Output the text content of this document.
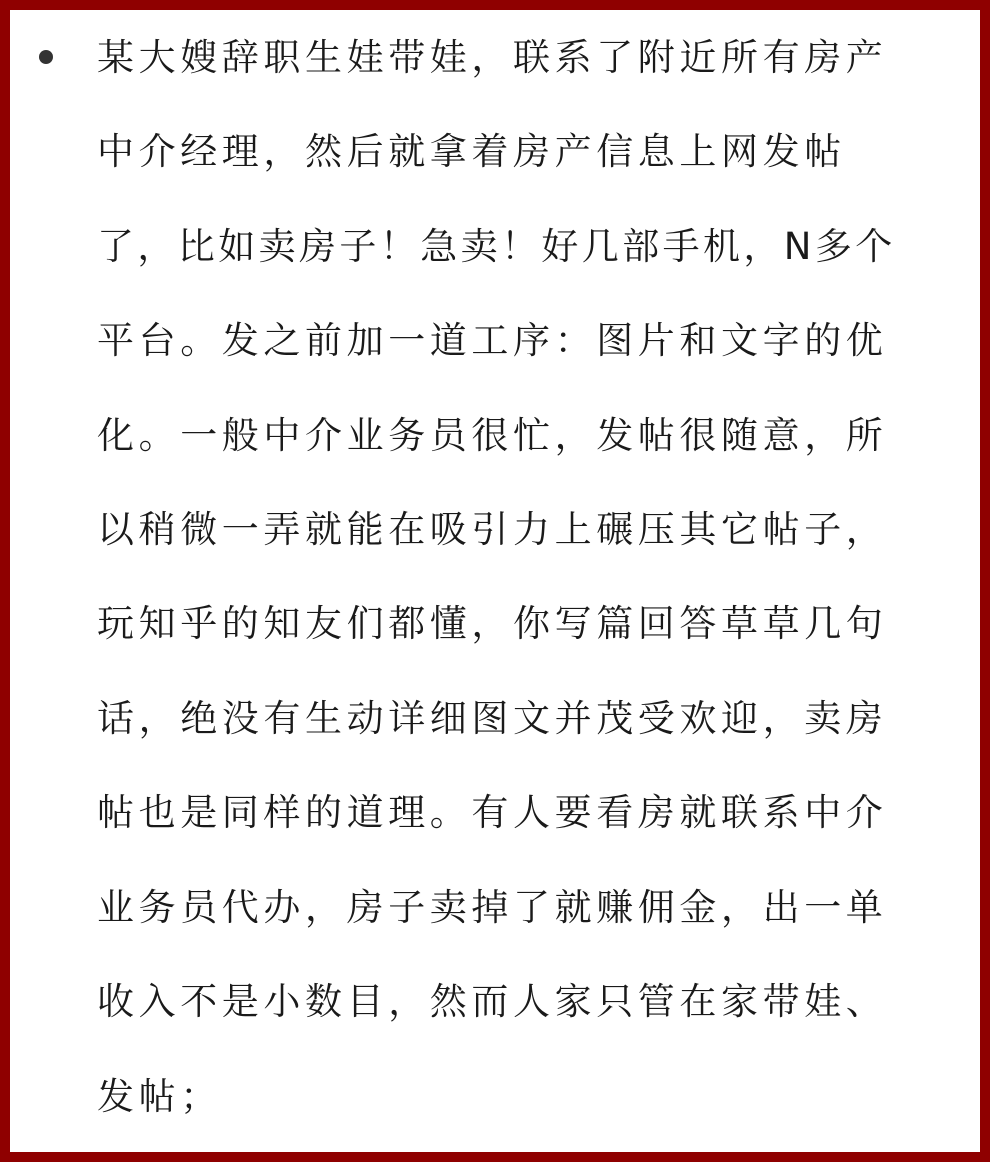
某大嫂辞职生娃带娃，联系了附近所有房产
中介经理，然后就拿着房产信息上网发帖
了，比如卖房子！急卖！好几部手机，N多个
平台。发之前加一道工序：图片和文字的优
化。一般中介业务员很忙，发帖很随意，所
以稍微一弄就能在吸引力上碾压其它帖子，
玩知乎的知友们都懂，你写篇回答草草几句
话，绝没有生动详细图文并茂受欢迎，卖房
帖也是同样的道理。有人要看房就联系中介
业务员代办，房子卖掉了就赚佣金，出一单
收入不是小数目，然而人家只管在家带娃、
发帖；
